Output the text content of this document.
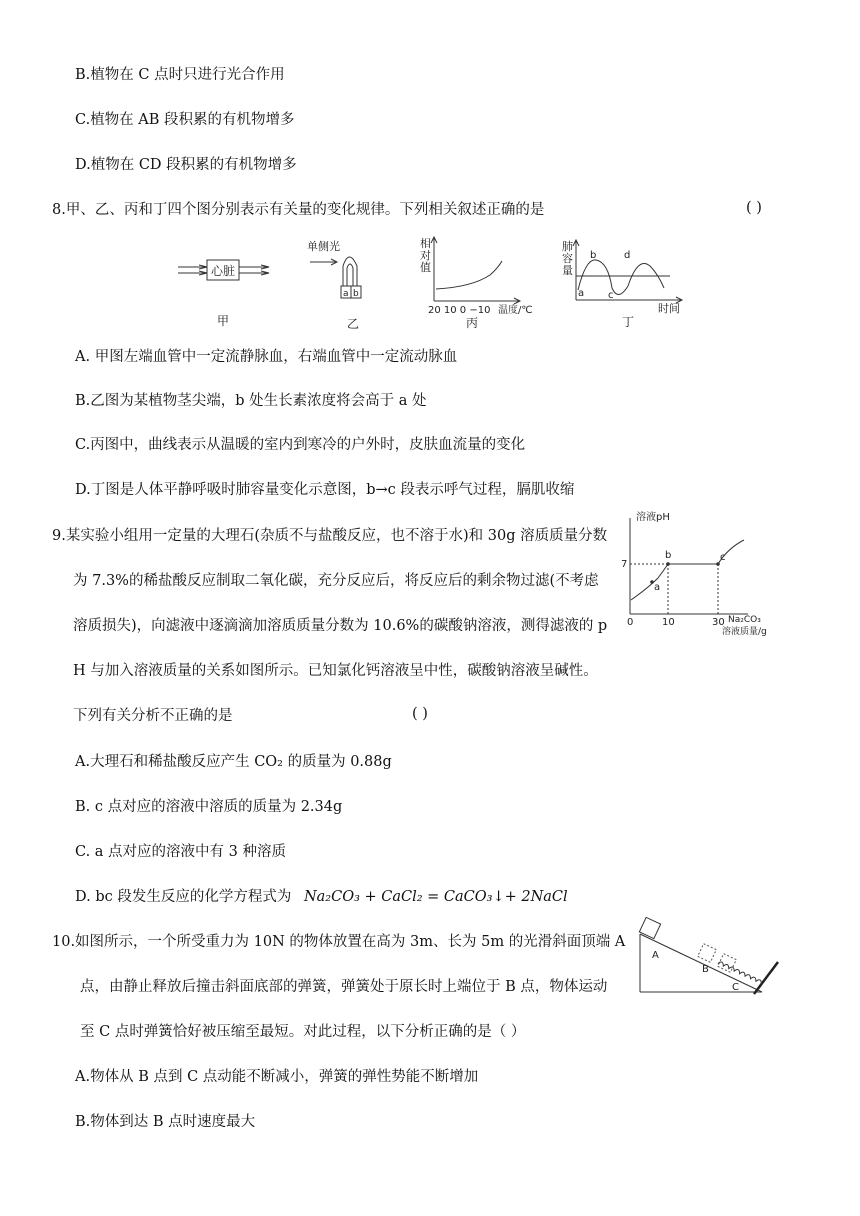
B.植物在 C 点时只进行光合作用
C.植物在 AB 段积累的有机物增多
D.植物在 CD 段积累的有机物增多
8.甲、乙、丙和丁四个图分别表示有关量的变化规律。下列相关叙述正确的是	( )
心脏
甲
单侧光
a b
乙
相
对
值
20 10 0 −10 温度/℃
丙
肺
容
量
a
b
c
d
时间
丁
A. 甲图左端血管中一定流静脉血，右端血管中一定流动脉血
B.乙图为某植物茎尖端，b 处生长素浓度将会高于 a 处
C.丙图中，曲线表示从温暖的室内到寒冷的户外时，皮肤血流量的变化
D.丁图是人体平静呼吸时肺容量变化示意图，b→c 段表示呼气过程，膈肌收缩
9.某实验小组用一定量的大理石(杂质不与盐酸反应，也不溶于水)和 30g 溶质质量分数
为 7.3%的稀盐酸反应制取二氧化碳，充分反应后，将反应后的剩余物过滤(不考虑
溶质损失)，向滤液中逐滴滴加溶质质量分数为 10.6%的碳酸钠溶液，测得滤液的 p
H 与加入溶液质量的关系如图所示。已知氯化钙溶液呈中性，碳酸钠溶液呈碱性。
下列有关分析不正确的是	( )
溶液pH
7
a
b	c
0	10	30 Na₂CO₃
溶液质量/g
A.大理石和稀盐酸反应产生 CO₂ 的质量为 0.88g
B. c 点对应的溶液中溶质的质量为 2.34g
C. a 点对应的溶液中有 3 种溶质
D. bc 段发生反应的化学方程式为 Na₂CO₃ + CaCl₂ = CaCO₃↓+ 2NaCl
10.如图所示，一个所受重力为 10N 的物体放置在高为 3m、长为 5m 的光滑斜面顶端 A
点，由静止释放后撞击斜面底部的弹簧，弹簧处于原长时上端位于 B 点，物体运动
至 C 点时弹簧恰好被压缩至最短。对此过程，以下分析正确的是（ ）
A
B
C
A.物体从 B 点到 C 点动能不断减小，弹簧的弹性势能不断增加
B.物体到达 B 点时速度最大
